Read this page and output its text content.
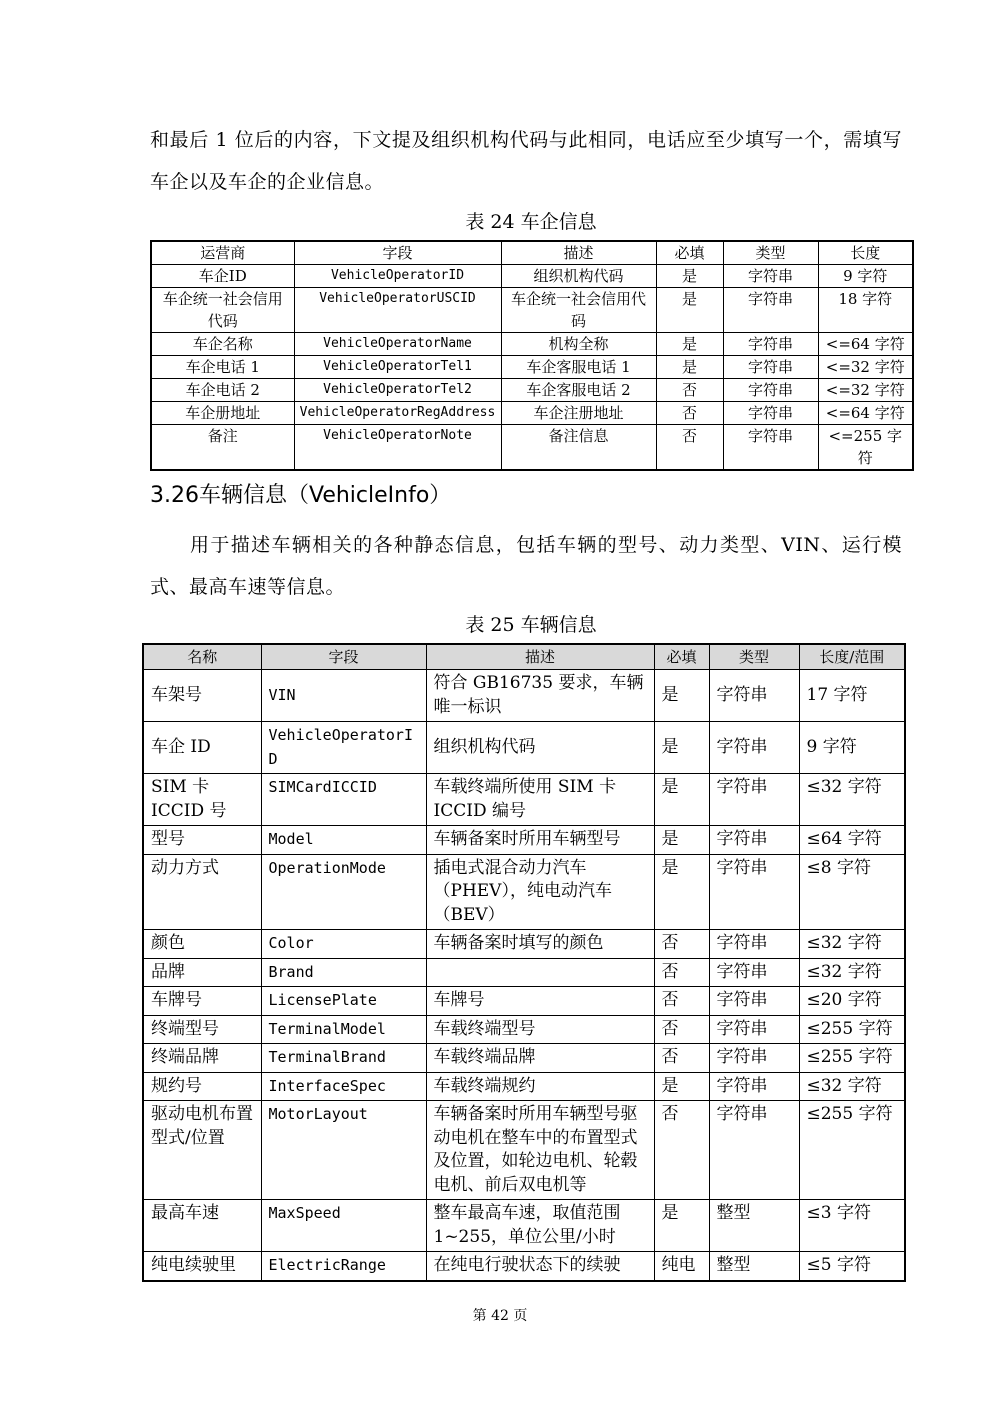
和最后 1 位后的内容，下文提及组织机构代码与此相同，电话应至少填写一个，需填写车企以及车企的企业信息。

表 24 车企信息

运营商	字段	描述	必填	类型	长度
车企ID	VehicleOperatorID	组织机构代码	是	字符串	9 字符
车企统一社会信用代码	VehicleOperatorUSCID	车企统一社会信用代码	是	字符串	18 字符
车企名称	VehicleOperatorName	机构全称	是	字符串	<=64 字符
车企电话 1	VehicleOperatorTel1	车企客服电话 1	是	字符串	<=32 字符
车企电话 2	VehicleOperatorTel2	车企客服电话 2	否	字符串	<=32 字符
车企册地址	VehicleOperatorRegAddress	车企注册地址	否	字符串	<=64 字符
备注	VehicleOperatorNote	备注信息	否	字符串	<=255 字符
3.26车辆信息（VehicleInfo）

用于描述车辆相关的各种静态信息，包括车辆的型号、动力类型、VIN、运行模式、最高车速等信息。

表 25 车辆信息

名称	字段	描述	必填	类型	长度/范围
车架号	VIN	符合 GB16735 要求，车辆唯一标识	是	字符串	17 字符
车企 ID	VehicleOperatorID	组织机构代码	是	字符串	9 字符
SIM 卡 ICCID 号	SIMCardICCID	车载终端所使用 SIM 卡 ICCID 编号	是	字符串	≤32 字符
型号	Model	车辆备案时所用车辆型号	是	字符串	≤64 字符
动力方式	OperationMode	插电式混合动力汽车（PHEV），纯电动汽车（BEV）	是	字符串	≤8 字符
颜色	Color	车辆备案时填写的颜色	否	字符串	≤32 字符
品牌	Brand		否	字符串	≤32 字符
车牌号	LicensePlate	车牌号	否	字符串	≤20 字符
终端型号	TerminalModel	车载终端型号	否	字符串	≤255 字符
终端品牌	TerminalBrand	车载终端品牌	否	字符串	≤255 字符
规约号	InterfaceSpec	车载终端规约	是	字符串	≤32 字符
驱动电机布置型式/位置	MotorLayout	车辆备案时所用车辆型号驱动电机在整车中的布置型式及位置，如轮边电机、轮毂电机、前后双电机等	否	字符串	≤255 字符
最高车速	MaxSpeed	整车最高车速，取值范围 1~255，单位公里/小时	是	整型	≤3 字符
纯电续驶里	ElectricRange	在纯电行驶状态下的续驶	纯电	整型	≤5 字符

第 42 页
